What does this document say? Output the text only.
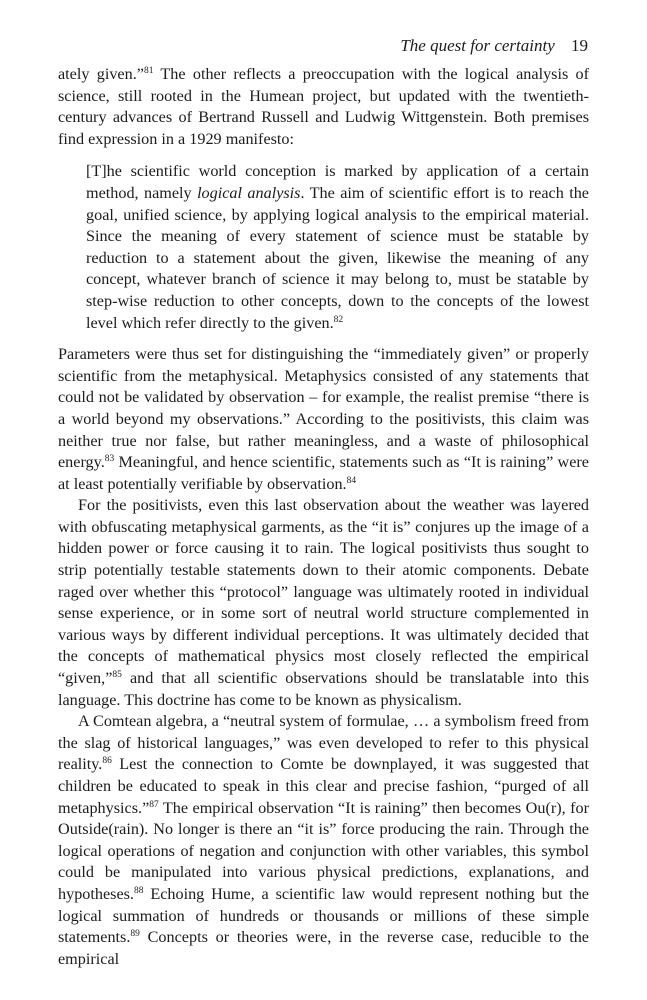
The quest for certainty 19

ately given.”$^{81}$ The other reflects a preoccupation with the logical analysis of science, still rooted in the Humean project, but updated with the twentieth-century advances of Bertrand Russell and Ludwig Wittgenstein. Both premises find expression in a 1929 manifesto:

[T]he scientific world conception is marked by application of a certain method, namely logical analysis. The aim of scientific effort is to reach the goal, unified science, by applying logical analysis to the empirical material. Since the meaning of every statement of science must be statable by reduction to a statement about the given, likewise the meaning of any concept, whatever branch of science it may belong to, must be statable by step-wise reduction to other concepts, down to the concepts of the lowest level which refer directly to the given.$^{82}$

Parameters were thus set for distinguishing the “immediately given” or properly scientific from the metaphysical. Metaphysics consisted of any statements that could not be validated by observation – for example, the realist premise “there is a world beyond my observations.” According to the positivists, this claim was neither true nor false, but rather meaningless, and a waste of philosophical energy.$^{83}$ Meaningful, and hence scientific, statements such as “It is raining” were at least potentially verifiable by observation.$^{84}$

For the positivists, even this last observation about the weather was layered with obfuscating metaphysical garments, as the “it is” conjures up the image of a hidden power or force causing it to rain. The logical positivists thus sought to strip potentially testable statements down to their atomic components. Debate raged over whether this “protocol” language was ultimately rooted in individual sense experience, or in some sort of neutral world structure complemented in various ways by different individual perceptions. It was ultimately decided that the concepts of mathematical physics most closely reflected the empirical “given,”$^{85}$ and that all scientific observations should be translatable into this language. This doctrine has come to be known as physicalism.

A Comtean algebra, a “neutral system of formulae, … a symbolism freed from the slag of historical languages,” was even developed to refer to this physical reality.$^{86}$ Lest the connection to Comte be downplayed, it was suggested that children be educated to speak in this clear and precise fashion, “purged of all metaphysics.”$^{87}$ The empirical observation “It is raining” then becomes Ou(r), for Outside(rain). No longer is there an “it is” force producing the rain. Through the logical operations of negation and conjunction with other variables, this symbol could be manipulated into various physical predictions, explanations, and hypotheses.$^{88}$ Echoing Hume, a scientific law would represent nothing but the logical summation of hundreds or thousands or millions of these simple statements.$^{89}$ Concepts or theories were, in the reverse case, reducible to the empirical
